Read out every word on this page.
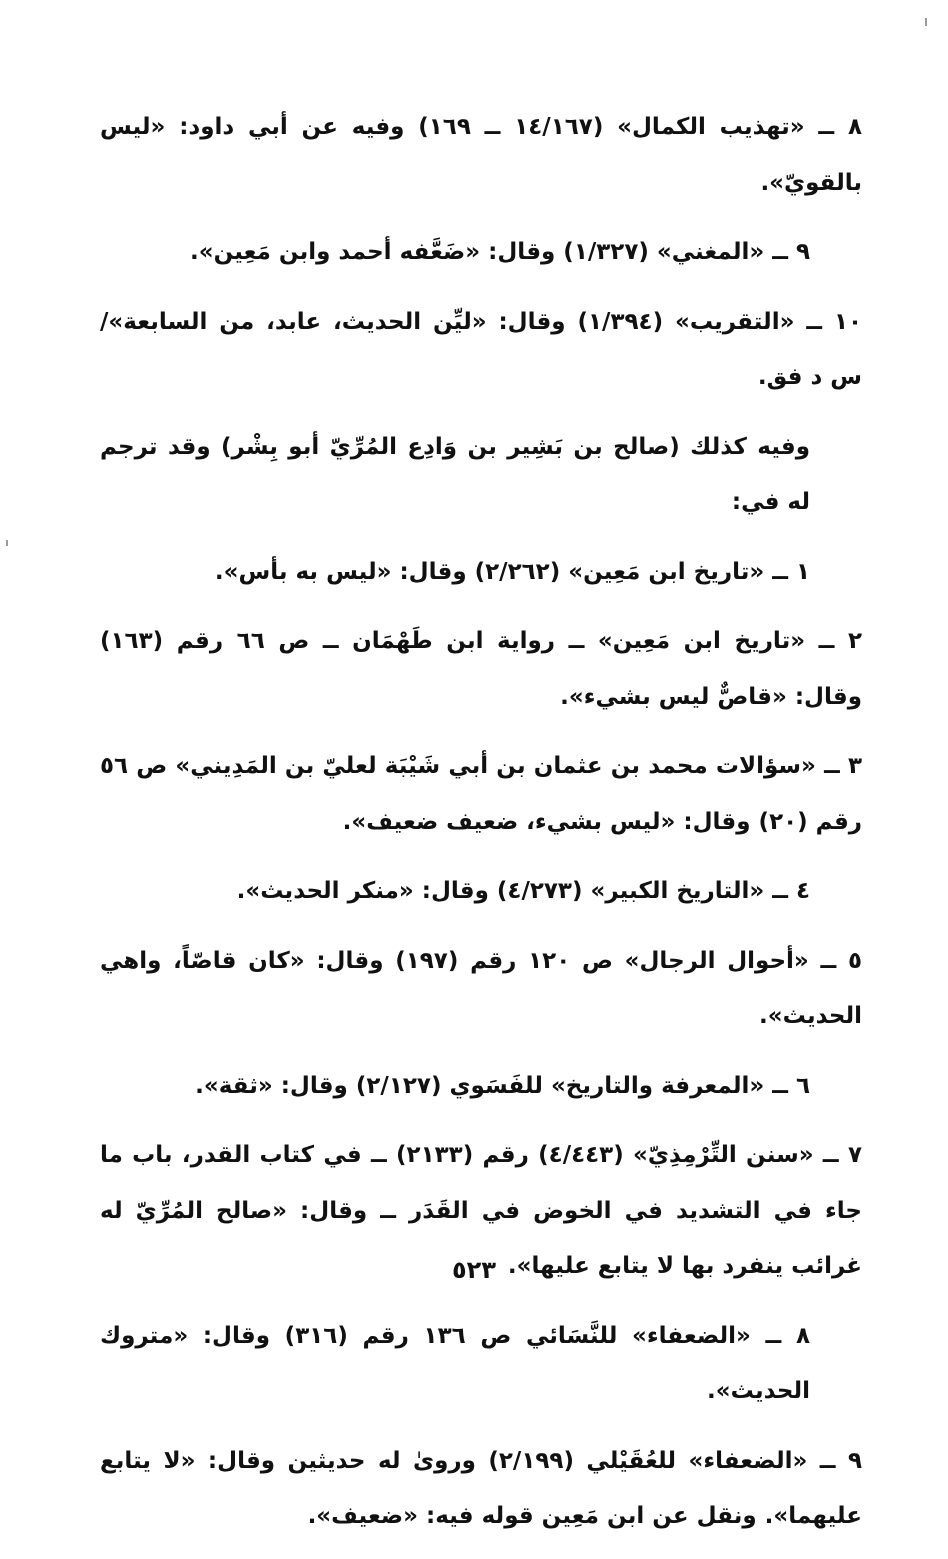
٨ ــ «تهذيب الكمال» (١٤/١٦٧ ــ ١٦٩) وفيه عن أبي داود: «ليس بالقويّ».

٩ ــ «المغني» (١/٣٢٧) وقال: «ضَعَّفه أحمد وابن مَعِين».

١٠ ــ «التقريب» (١/٣٩٤) وقال: «ليِّن الحديث، عابد، من السابعة»/ س د فق.

وفيه كذلك (صالح بن بَشِير بن وَادِع المُرِّيّ أبو بِشْر) وقد ترجم له في:

١ ــ «تاريخ ابن مَعِين» (٢/٢٦٢) وقال: «ليس به بأس».

٢ ــ «تاريخ ابن مَعِين» ــ رواية ابن طَهْمَان ــ ص ٦٦ رقم (١٦٣) وقال: «قاصٌّ ليس بشيء».

٣ ــ «سؤالات محمد بن عثمان بن أبي شَيْبَة لعليّ بن المَدِيني» ص ٥٦ رقم (٢٠) وقال: «ليس بشيء، ضعيف ضعيف».

٤ ــ «التاريخ الكبير» (٤/٢٧٣) وقال: «منكر الحديث».

٥ ــ «أحوال الرجال» ص ١٢٠ رقم (١٩٧) وقال: «كان قاصّاً، واهي الحديث».

٦ ــ «المعرفة والتاريخ» للفَسَوي (٢/١٢٧) وقال: «ثقة».

٧ ــ «سنن التِّرْمِذِيّ» (٤/٤٤٣) رقم (٢١٣٣) ــ في كتاب القدر، باب ما جاء في التشديد في الخوض في القَدَر ــ وقال: «صالح المُرِّيّ له غرائب ينفرد بها لا يتابع عليها».

٨ ــ «الضعفاء» للنَّسَائي ص ١٣٦ رقم (٣١٦) وقال: «متروك الحديث».

٩ ــ «الضعفاء» للعُقَيْلي (٢/١٩٩) وروىٰ له حديثين وقال: «لا يتابع عليهما». ونقل عن ابن مَعِين قوله فيه: «ضعيف».

٥٢٣
